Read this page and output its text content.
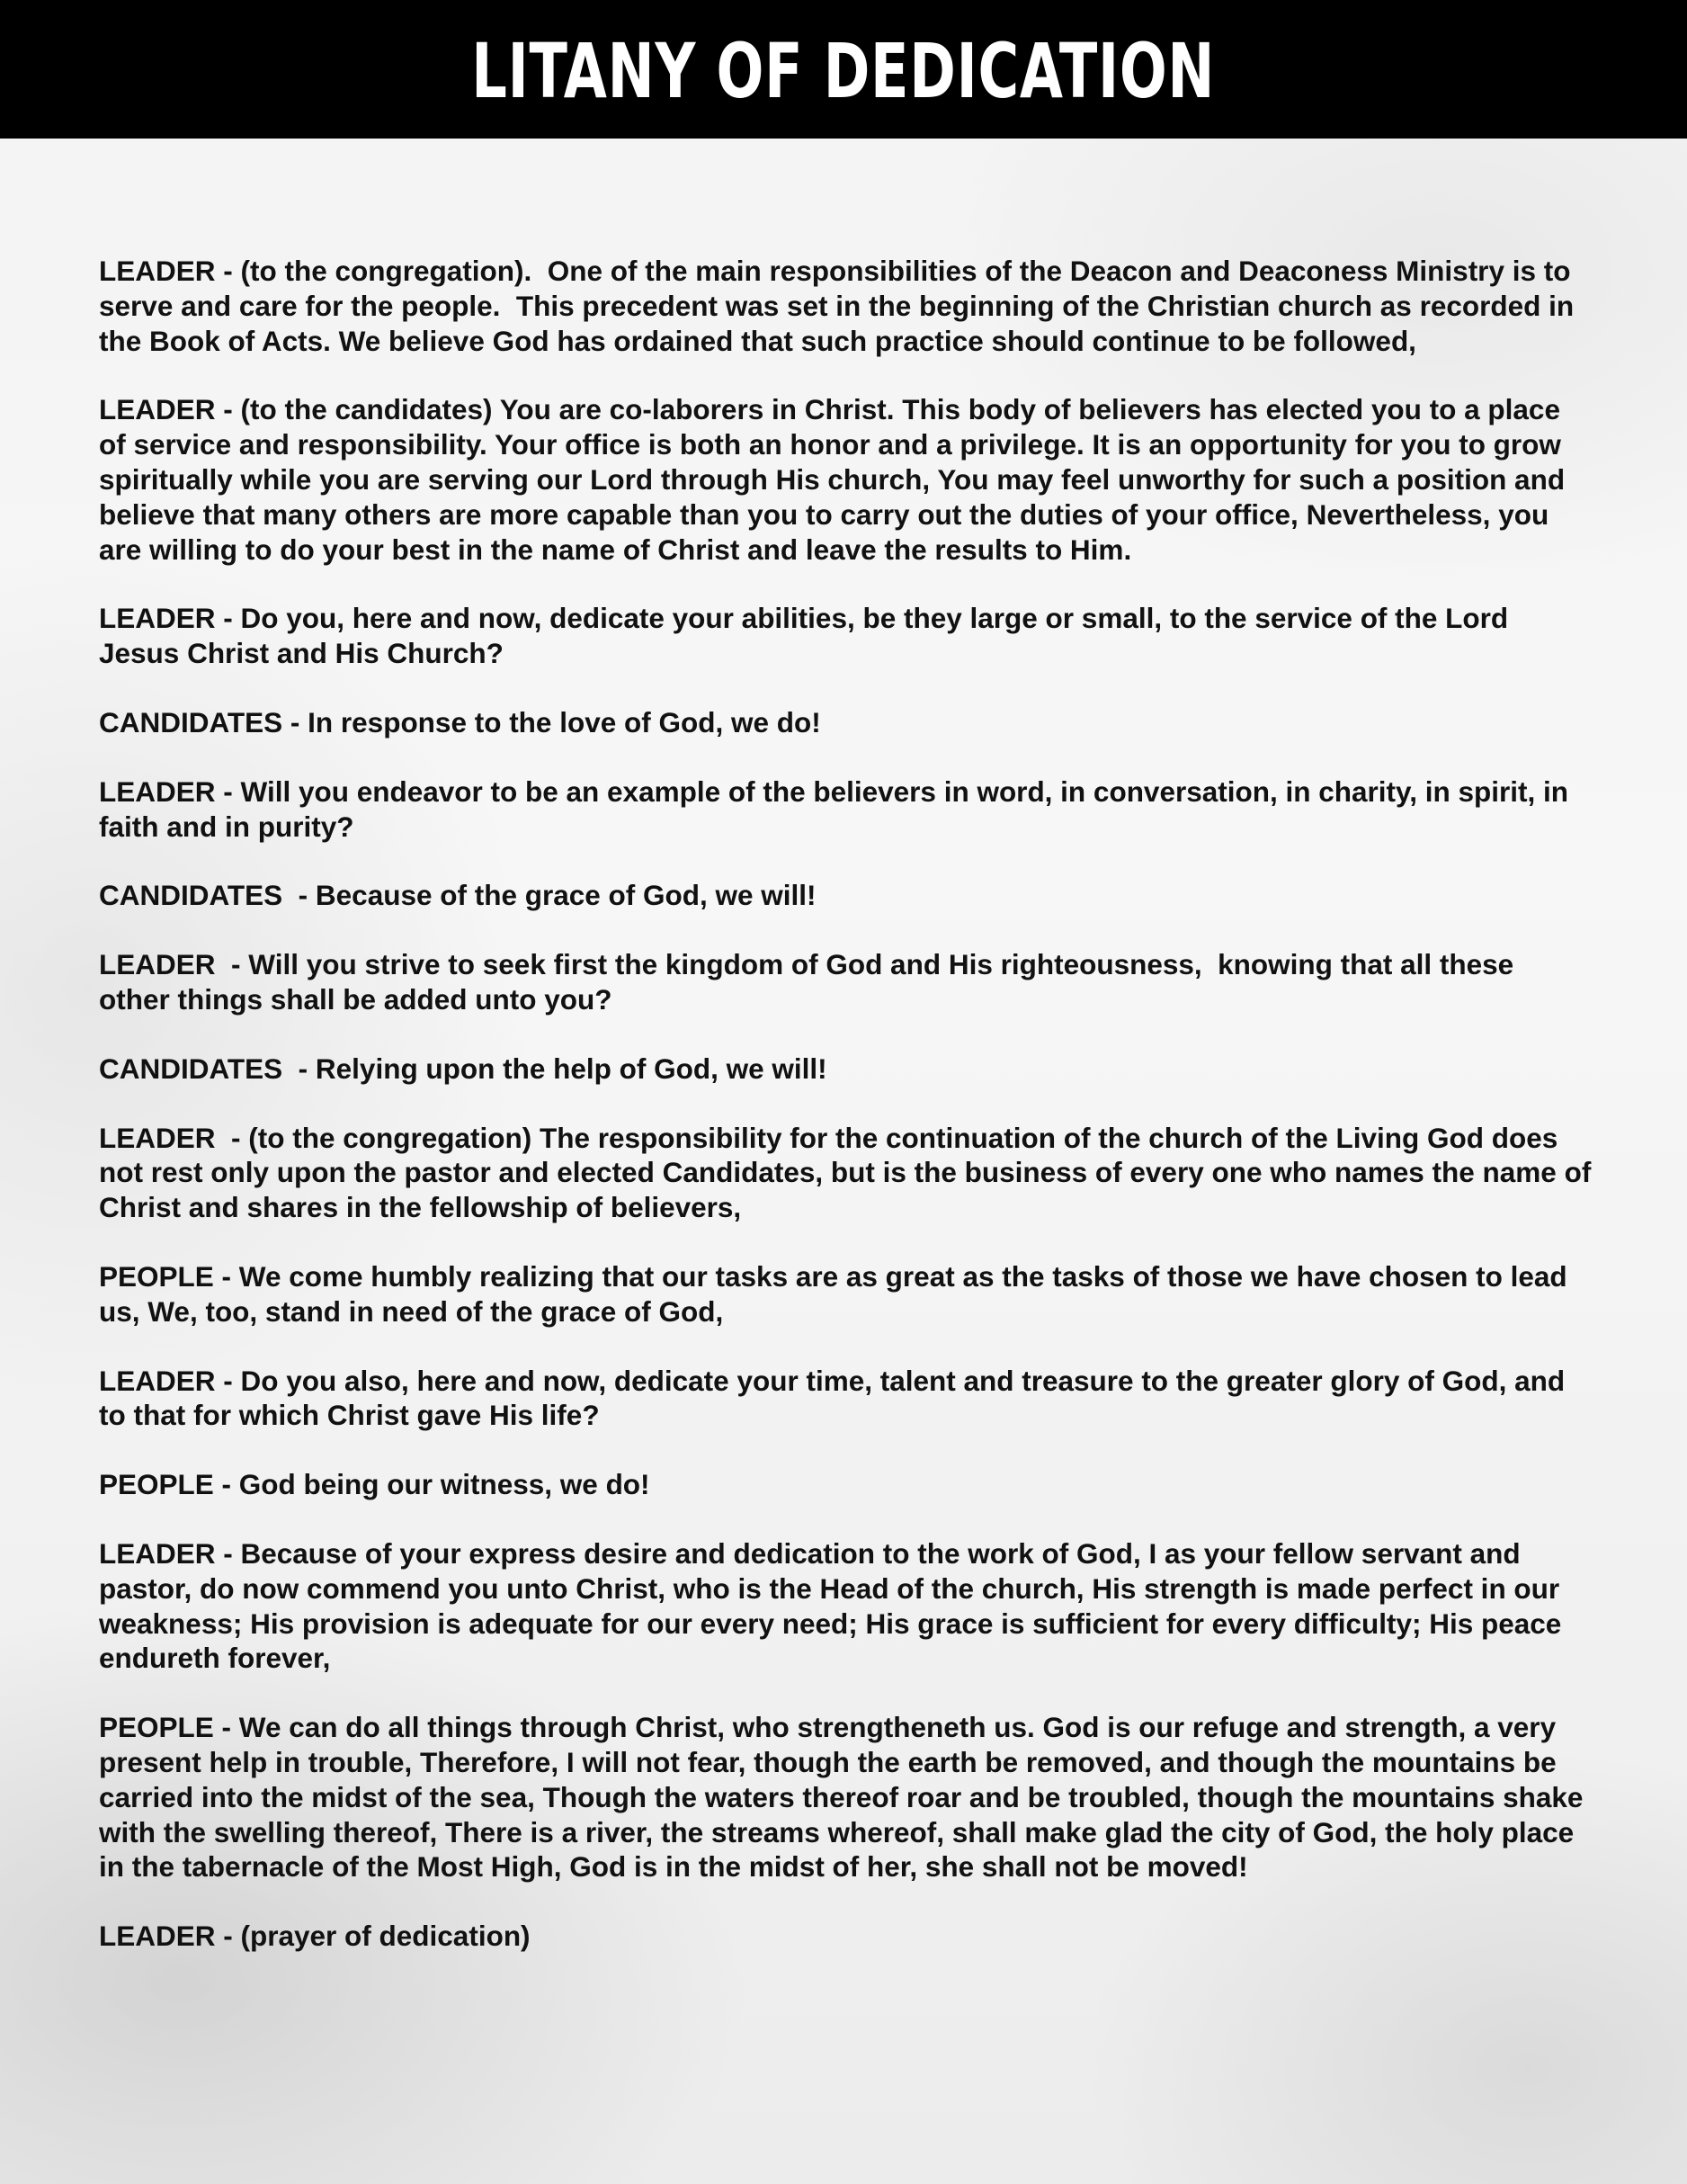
LITANY OF DEDICATION

LEADER - (to the congregation).  One of the main responsibilities of the Deacon and Deaconess Ministry is to serve and care for the people.  This precedent was set in the beginning of the Christian church as recorded in the Book of Acts. We believe God has ordained that such practice should continue to be followed,

LEADER - (to the candidates) You are co-laborers in Christ. This body of believers has elected you to a place of service and responsibility. Your office is both an honor and a privilege. It is an opportunity for you to grow spiritually while you are serving our Lord through His church, You may feel unworthy for such a position and believe that many others are more capable than you to carry out the duties of your office, Nevertheless, you are willing to do your best in the name of Christ and leave the results to Him.

LEADER - Do you, here and now, dedicate your abilities, be they large or small, to the service of the Lord Jesus Christ and His Church?

CANDIDATES - In response to the love of God, we do!

LEADER - Will you endeavor to be an example of the believers in word, in conversation, in charity, in spirit, in faith and in purity?

CANDIDATES  - Because of the grace of God, we will!

LEADER  - Will you strive to seek first the kingdom of God and His righteousness,  knowing that all these other things shall be added unto you?

CANDIDATES  - Relying upon the help of God, we will!

LEADER  - (to the congregation) The responsibility for the continuation of the church of the Living God does not rest only upon the pastor and elected Candidates, but is the business of every one who names the name of Christ and shares in the fellowship of believers,

PEOPLE - We come humbly realizing that our tasks are as great as the tasks of those we have chosen to lead us, We, too, stand in need of the grace of God,

LEADER - Do you also, here and now, dedicate your time, talent and treasure to the greater glory of God, and to that for which Christ gave His life?

PEOPLE - God being our witness, we do!

LEADER - Because of your express desire and dedication to the work of God, I as your fellow servant and pastor, do now commend you unto Christ, who is the Head of the church, His strength is made perfect in our weakness; His provision is adequate for our every need; His grace is sufficient for every difficulty; His peace endureth forever,

PEOPLE - We can do all things through Christ, who strengtheneth us. God is our refuge and strength, a very present help in trouble, Therefore, I will not fear, though the earth be removed, and though the mountains be carried into the midst of the sea, Though the waters thereof roar and be troubled, though the mountains shake with the swelling thereof, There is a river, the streams whereof, shall make glad the city of God, the holy place in the tabernacle of the Most High, God is in the midst of her, she shall not be moved!

LEADER - (prayer of dedication)
